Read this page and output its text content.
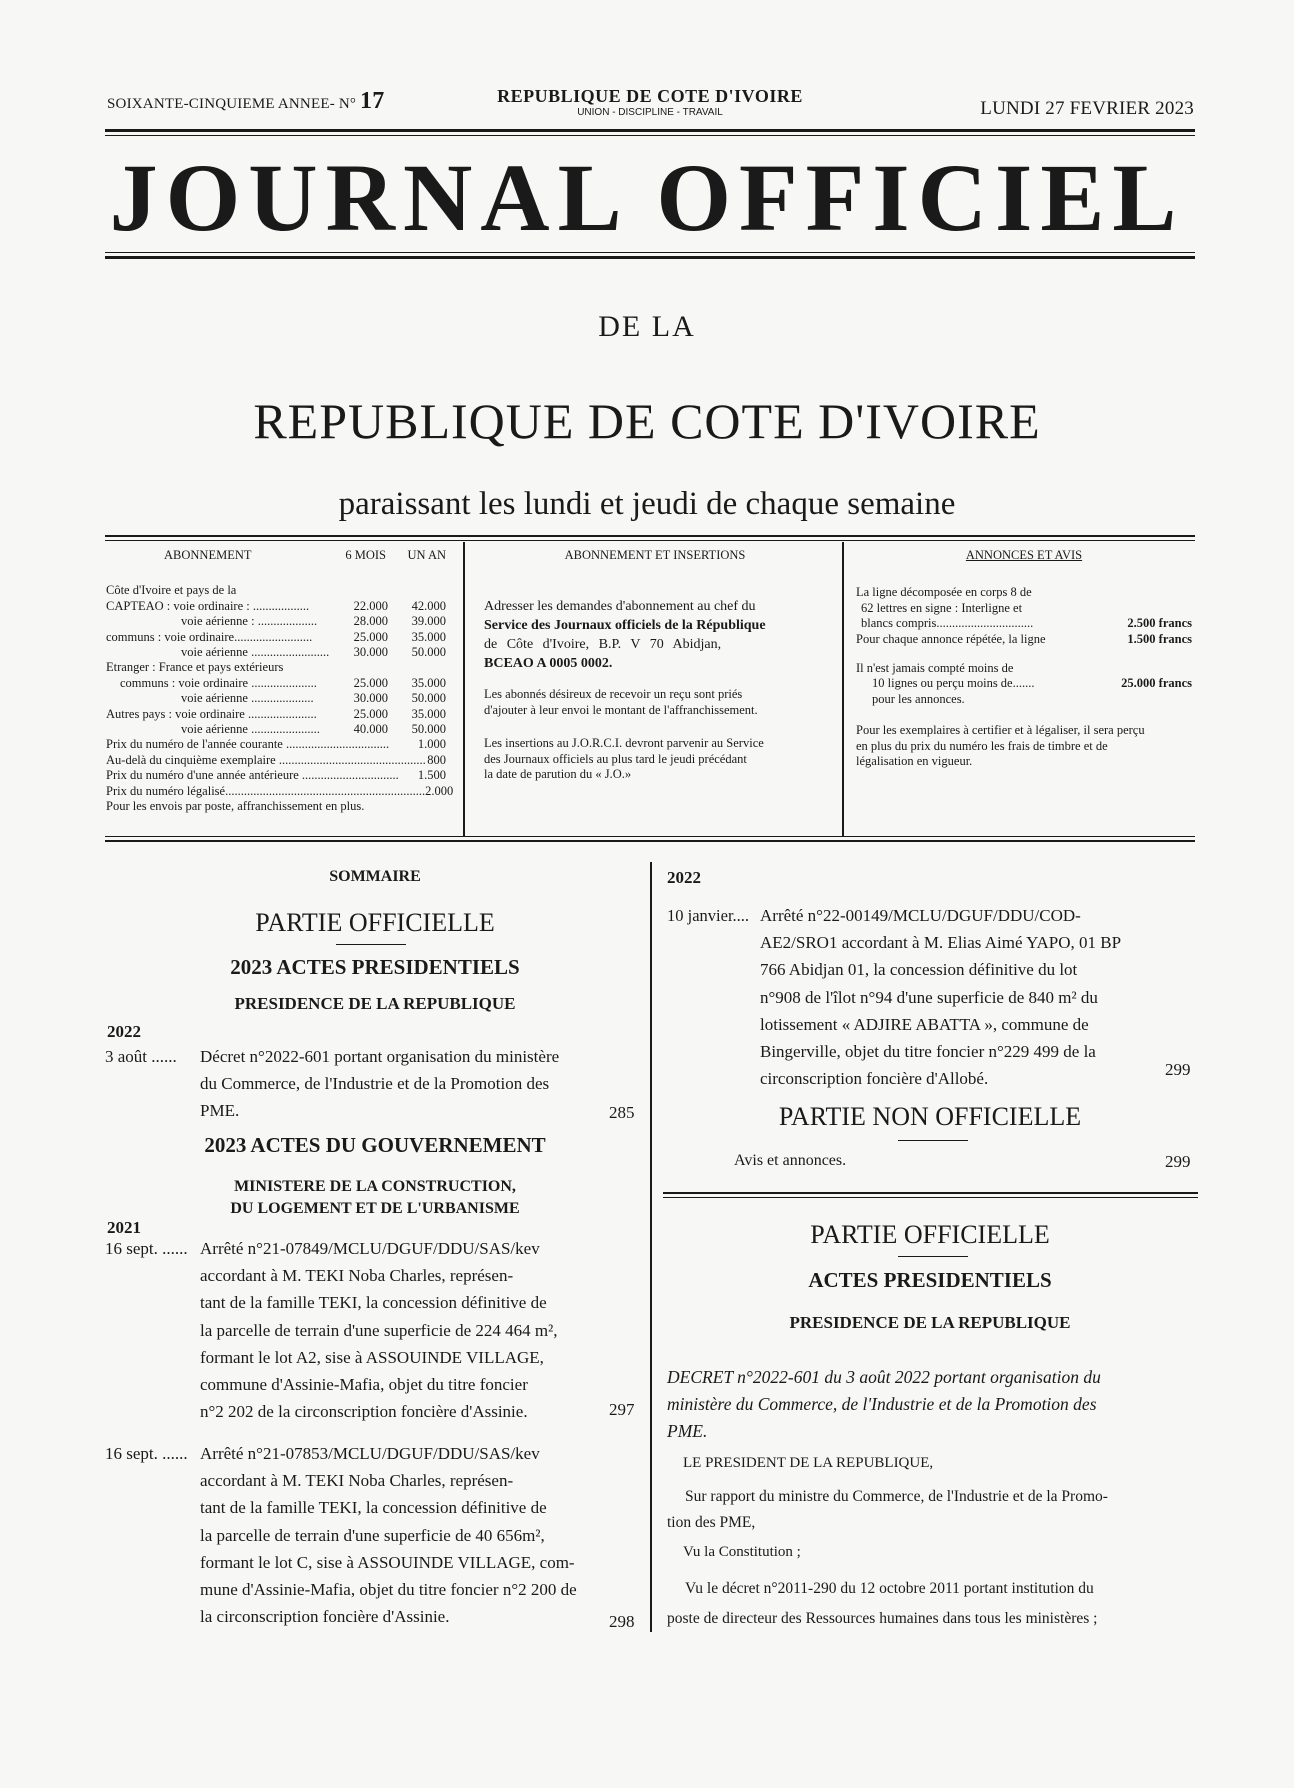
SOIXANTE-CINQUIEME ANNEE- N° 17	REPUBLIQUE DE COTE D'IVOIRE
UNION - DISCIPLINE - TRAVAIL	LUNDI 27 FEVRIER 2023
JOURNAL OFFICIEL
DE LA
REPUBLIQUE DE COTE D'IVOIRE
paraissant les lundi et jeudi de chaque semaine
ABONNEMENT	6 MOIS	UN AN
Côte d'Ivoire et pays de la
CAPTEAO : voie ordinaire : ..................	22.000	42.000
voie aérienne : ...................	28.000	39.000
communs : voie ordinaire.........................	25.000	35.000
voie aérienne .........................	30.000	50.000
Etranger : France et pays extérieurs
communs : voie ordinaire .....................	25.000	35.000
voie aérienne ....................	30.000	50.000
Autres pays : voie ordinaire ......................	25.000	35.000
voie aérienne ......................	40.000	50.000
Prix du numéro de l'année courante ................................. 1.000
Au-delà du cinquième exemplaire ............................................... 800
Prix du numéro d'une année antérieure ............................... 1.500
Prix du numéro légalisé................................................................ 2.000
Pour les envois par poste, affranchissement en plus.
ABONNEMENT ET INSERTIONS
Adresser les demandes d'abonnement au chef du
Service des Journaux officiels de la République
de Côte d'Ivoire, B.P. V 70 Abidjan,
BCEAO A 0005 0002.
Les abonnés désireux de recevoir un reçu sont priés
d'ajouter à leur envoi le montant de l'affranchissement.
Les insertions au J.O.R.C.I. devront parvenir au Service
des Journaux officiels au plus tard le jeudi précédant
la date de parution du « J.O.»
ANNONCES ET AVIS
La ligne décomposée en corps 8 de
62 lettres en signe : Interligne et
blancs compris...............................	2.500 francs
Pour chaque annonce répétée, la ligne	1.500 francs
Il n'est jamais compté moins de
10 lignes ou perçu moins de.......	25.000 francs
pour les annonces.
Pour les exemplaires à certifier et à légaliser, il sera perçu
en plus du prix du numéro les frais de timbre et de
légalisation en vigueur.
SOMMAIRE
PARTIE OFFICIELLE
2023 ACTES PRESIDENTIELS
PRESIDENCE DE LA REPUBLIQUE
2022
3 août ...... Décret n°2022-601 portant organisation du ministère
du Commerce, de l'Industrie et de la Promotion des
PME.	285
2023 ACTES DU GOUVERNEMENT
MINISTERE DE LA CONSTRUCTION,
DU LOGEMENT ET DE L'URBANISME
2021
16 sept. ...... Arrêté n°21-07849/MCLU/DGUF/DDU/SAS/kev
accordant à M. TEKI Noba Charles, représen-
tant de la famille TEKI, la concession définitive de
la parcelle de terrain d'une superficie de 224 464 m²,
formant le lot A2, sise à ASSOUINDE VILLAGE,
commune d'Assinie-Mafia, objet du titre foncier
n°2 202 de la circonscription foncière d'Assinie.	297
16 sept. ...... Arrêté n°21-07853/MCLU/DGUF/DDU/SAS/kev
accordant à M. TEKI Noba Charles, représen-
tant de la famille TEKI, la concession définitive de
la parcelle de terrain d'une superficie de 40 656m²,
formant le lot C, sise à ASSOUINDE VILLAGE, com-
mune d'Assinie-Mafia, objet du titre foncier n°2 200 de
la circonscription foncière d'Assinie.	298
2022
10 janvier.... Arrêté n°22-00149/MCLU/DGUF/DDU/COD-
AE2/SRO1 accordant à M. Elias Aimé YAPO, 01 BP
766 Abidjan 01, la concession définitive du lot
n°908 de l'îlot n°94 d'une superficie de 840 m² du
lotissement « ADJIRE ABATTA », commune de
Bingerville, objet du titre foncier n°229 499 de la
circonscription foncière d'Allobé.	299
PARTIE NON OFFICIELLE
Avis et annonces.	299
PARTIE OFFICIELLE
ACTES PRESIDENTIELS
PRESIDENCE DE LA REPUBLIQUE
DECRET n°2022-601 du 3 août 2022 portant organisation du
ministère du Commerce, de l'Industrie et de la Promotion des
PME.
LE PRESIDENT DE LA REPUBLIQUE,
Sur rapport du ministre du Commerce, de l'Industrie et de la Promo-
tion des PME,
Vu la Constitution ;
Vu le décret n°2011-290 du 12 octobre 2011 portant institution du
poste de directeur des Ressources humaines dans tous les ministères ;
